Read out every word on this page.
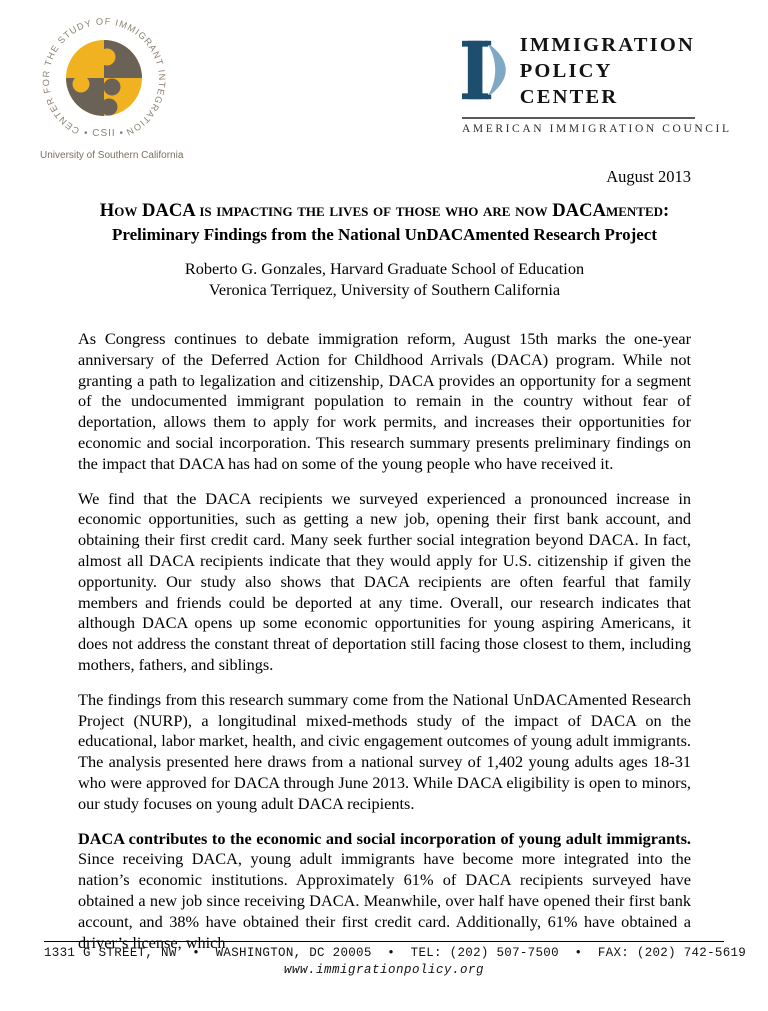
CENTER FOR THE STUDY OF IMMIGRANT INTEGRATION
• CSII •
University of Southern California
IMMIGRATION
POLICY
CENTER
AMERICAN IMMIGRATION COUNCIL
August 2013
How DACA is impacting the lives of those who are now DACAmented:
Preliminary Findings from the National UnDACAmented Research Project
Roberto G. Gonzales, Harvard Graduate School of Education
Veronica Terriquez, University of Southern California

As Congress continues to debate immigration reform, August 15th marks the one-year anniversary of the Deferred Action for Childhood Arrivals (DACA) program. While not granting a path to legalization and citizenship, DACA provides an opportunity for a segment of the undocumented immigrant population to remain in the country without fear of deportation, allows them to apply for work permits, and increases their opportunities for economic and social incorporation. This research summary presents preliminary findings on the impact that DACA has had on some of the young people who have received it.

We find that the DACA recipients we surveyed experienced a pronounced increase in economic opportunities, such as getting a new job, opening their first bank account, and obtaining their first credit card. Many seek further social integration beyond DACA. In fact, almost all DACA recipients indicate that they would apply for U.S. citizenship if given the opportunity. Our study also shows that DACA recipients are often fearful that family members and friends could be deported at any time. Overall, our research indicates that although DACA opens up some economic opportunities for young aspiring Americans, it does not address the constant threat of deportation still facing those closest to them, including mothers, fathers, and siblings.

The findings from this research summary come from the National UnDACAmented Research Project (NURP), a longitudinal mixed-methods study of the impact of DACA on the educational, labor market, health, and civic engagement outcomes of young adult immigrants. The analysis presented here draws from a national survey of 1,402 young adults ages 18-31 who were approved for DACA through June 2013. While DACA eligibility is open to minors, our study focuses on young adult DACA recipients.

DACA contributes to the economic and social incorporation of young adult immigrants. Since receiving DACA, young adult immigrants have become more integrated into the nation’s economic institutions. Approximately 61% of DACA recipients surveyed have obtained a new job since receiving DACA. Meanwhile, over half have opened their first bank account, and 38% have obtained their first credit card. Additionally, 61% have obtained a driver’s license, which

1331 G STREET, NW  •  WASHINGTON, DC 20005  •  TEL: (202) 507-7500  •  FAX: (202) 742-5619
www.immigrationpolicy.org
